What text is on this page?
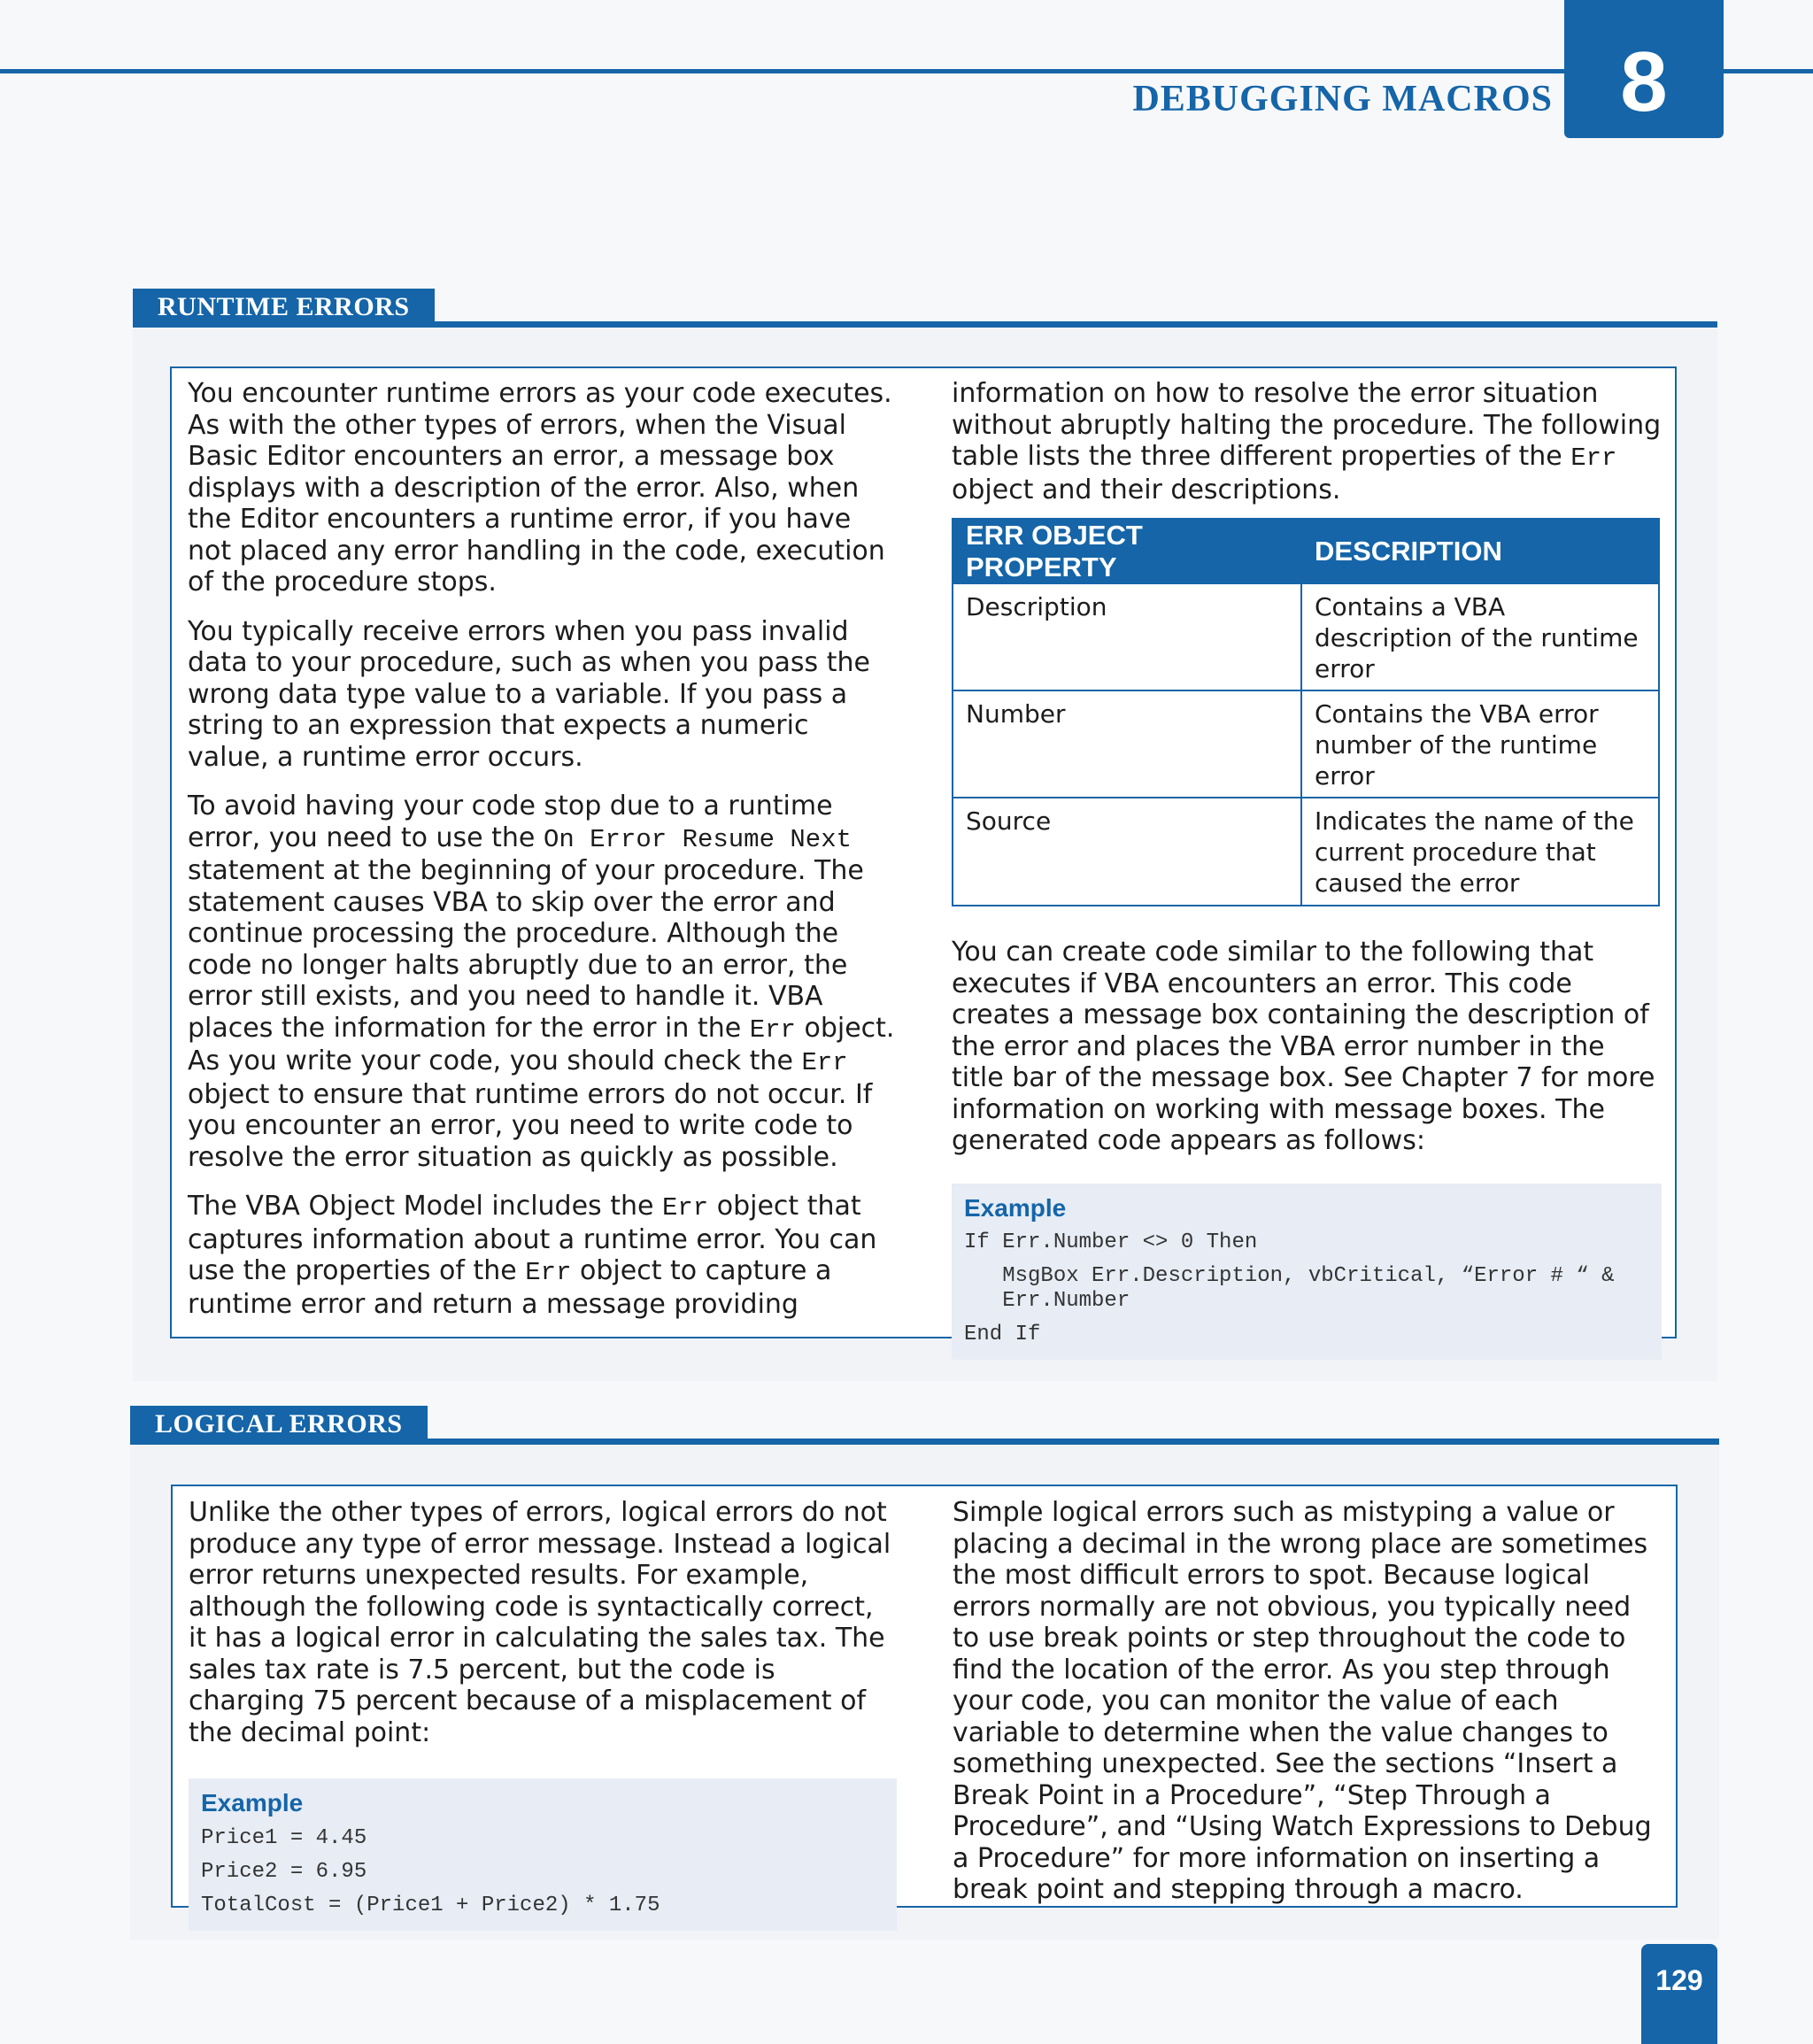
DEBUGGING MACROS 8
RUNTIME ERRORS

You encounter runtime errors as your code executes. As with the other types of errors, when the Visual Basic Editor encounters an error, a message box displays with a description of the error. Also, when the Editor encounters a runtime error, if you have not placed any error handling in the code, execution of the procedure stops.

You typically receive errors when you pass invalid data to your procedure, such as when you pass the wrong data type value to a variable. If you pass a string to an expression that expects a numeric value, a runtime error occurs.

To avoid having your code stop due to a runtime error, you need to use the On Error Resume Next statement at the beginning of your procedure. The statement causes VBA to skip over the error and continue processing the procedure. Although the code no longer halts abruptly due to an error, the error still exists, and you need to handle it. VBA places the information for the error in the Err object. As you write your code, you should check the Err object to ensure that runtime errors do not occur. If you encounter an error, you need to write code to resolve the error situation as quickly as possible.

The VBA Object Model includes the Err object that captures information about a runtime error. You can use the properties of the Err object to capture a runtime error and return a message providing

information on how to resolve the error situation without abruptly halting the procedure. The following table lists the three different properties of the Err object and their descriptions.

ERR OBJECT PROPERTY	DESCRIPTION
Description	Contains a VBA description of the runtime error
Number	Contains the VBA error number of the runtime error
Source	Indicates the name of the current procedure that caused the error

You can create code similar to the following that executes if VBA encounters an error. This code creates a message box containing the description of the error and places the VBA error number in the title bar of the message box. See Chapter 7 for more information on working with message boxes. The generated code appears as follows:

Example
If Err.Number <> 0 Then
MsgBox Err.Description, vbCritical, “Error # “ &
Err.Number
End If
LOGICAL ERRORS

Unlike the other types of errors, logical errors do not produce any type of error message. Instead a logical error returns unexpected results. For example, although the following code is syntactically correct, it has a logical error in calculating the sales tax. The sales tax rate is 7.5 percent, but the code is charging 75 percent because of a misplacement of the decimal point:

Example
Price1 = 4.45
Price2 = 6.95
TotalCost = (Price1 + Price2) * 1.75

Simple logical errors such as mistyping a value or placing a decimal in the wrong place are sometimes the most difficult errors to spot. Because logical errors normally are not obvious, you typically need to use break points or step throughout the code to find the location of the error. As you step through your code, you can monitor the value of each variable to determine when the value changes to something unexpected. See the sections “Insert a Break Point in a Procedure”, “Step Through a Procedure”, and “Using Watch Expressions to Debug a Procedure” for more information on inserting a break point and stepping through a macro.

129
